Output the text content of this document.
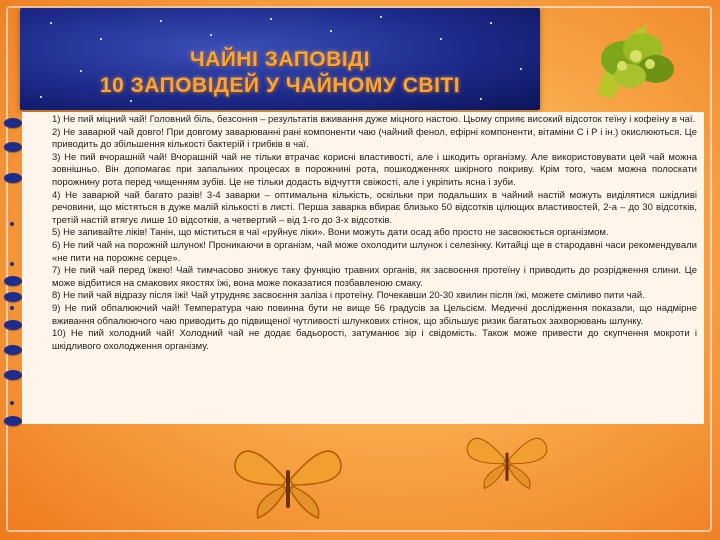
ЧАЙНІ ЗАПОВІДІ
10 ЗАПОВІДЕЙ У ЧАЙНОМУ СВІТІ

1) Не пий міцний чай! Головний біль, безсоння – результатів вживання дуже міцного настою. Цьому сприяє високий відсоток теїну і кофеїну в чаї.

2) Не заварюй чай довго! При довгому заварюванні рані компоненти чаю (чайний фенол, ефірні компоненти, вітаміни С і Р і ін.) окислюються. Це приводить до збільшення кількості бактерій і грибків в чаї.

3) Не пий вчорашній чай! Вчорашній чай не тільки втрачає корисні властивості, але і шкодить організму. Але використовувати цей чай можна зовнішньо. Він допомагає при запальних процесах в порожнині рота, пошкодженнях шкірного покриву. Крім того, чаєм можна полоскати порожнину рота перед чищенням зубів. Це не тільки додасть відчуття свіжості, але і укріпить ясна і зуби.

4) Не заварюй чай багато разів! 3-4 заварки – оптимальна кількість, оскільки при подальших в чайний настій можуть виділятися шкідливі речовини, що містяться в дуже малій кількості в листі. Перша заварка вбирає близько 50 відсотків цілющих властивостей, 2-а – до 30 відсотків, третій настій втягує лише 10 відсотків, а четвертий – від 1-го до 3-х відсотків.

5) Не запивайте ліків! Танін, що міститься в чаї «руйнує ліки». Вони можуть дати осад або просто не засвоюється організмом.

6) Не пий чай на порожній шлунок! Проникаючи в організм, чай може охолодити шлунок і селезінку. Китайці ще в стародавні часи рекомендували «не пити на порожнє серце».

7) Не пий чай перед їжею! Чай тимчасово знижує таку функцію травних органів, як засвоєння протеїну і приводить до розрідження слини. Це може відбитися на смакових якостях їжі, вона може показатися позбавленою смаку.

8) Не пий чай відразу після їжі! Чай утрудняє засвоєння заліза і протеїну. Почекавши 20-30 хвилин після їжі, можете сміливо пити чай.

9) Не пий обпалюючий чай! Температура чаю повинна бути не вище 56 градусів за Цельсієм. Медичні дослідження показали, що надмірне вживання обпалюючого чаю приводить до підвищеної чутливості шлункових стінок, що збільшує ризик багатьох захворювань шлунку.

10) Не пий холодний чай! Холодний чай не додає бадьорості, затуманює зір і свідомість. Також може привести до скупчення мокроти і шкідливого охолодження організму.
